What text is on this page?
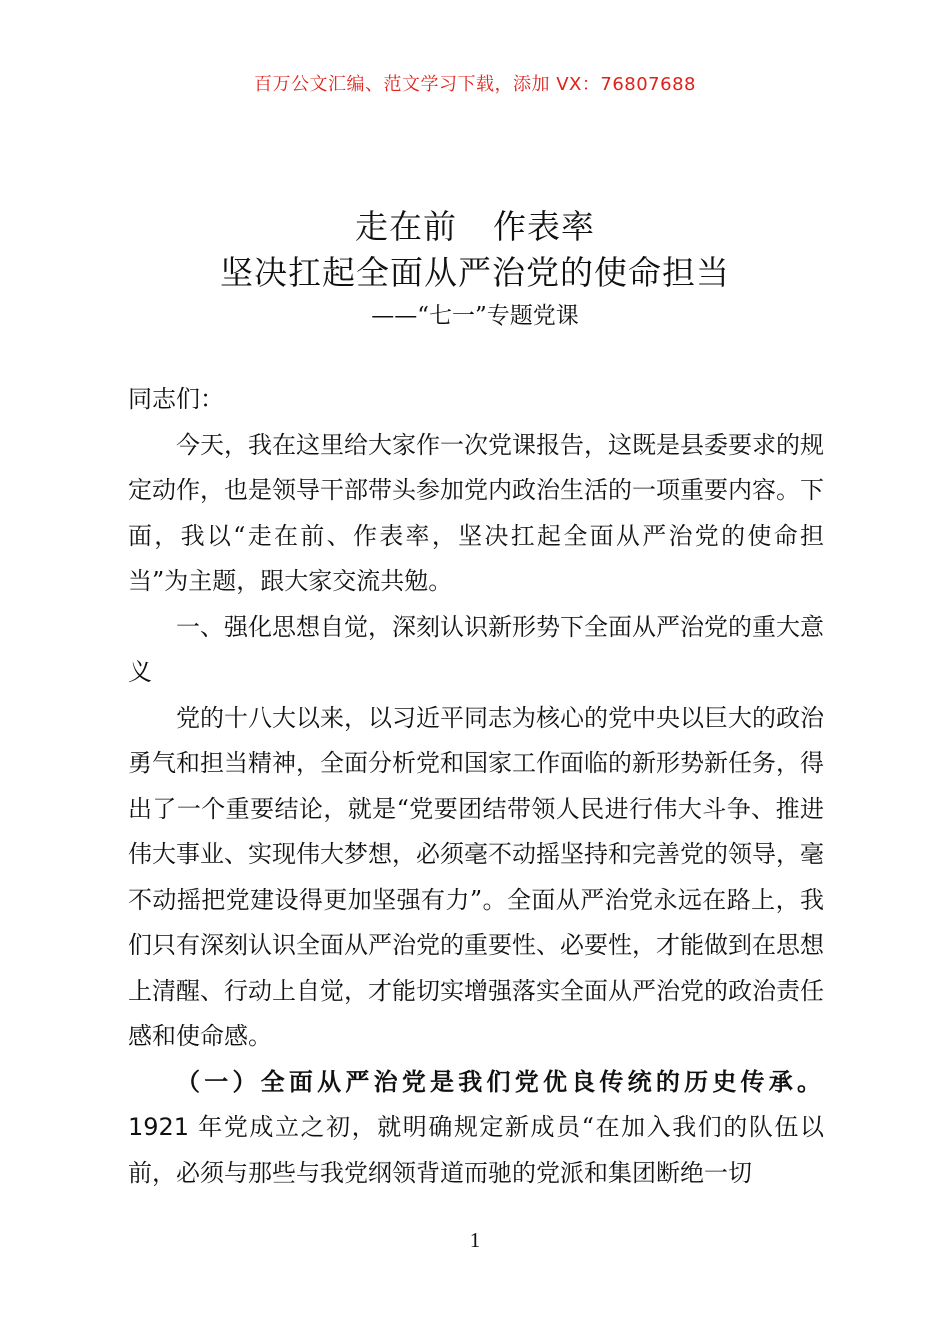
百万公文汇编、范文学习下载，添加 VX：76807688
走在前 作表率
坚决扛起全面从严治党的使命担当
——“七一”专题党课

同志们：

今天，我在这里给大家作一次党课报告，这既是县委要求的规定动作，也是领导干部带头参加党内政治生活的一项重要内容。下面，我以“走在前、作表率，坚决扛起全面从严治党的使命担当”为主题，跟大家交流共勉。

一、强化思想自觉，深刻认识新形势下全面从严治党的重大意义

党的十八大以来，以习近平同志为核心的党中央以巨大的政治勇气和担当精神，全面分析党和国家工作面临的新形势新任务，得出了一个重要结论，就是“党要团结带领人民进行伟大斗争、推进伟大事业、实现伟大梦想，必须毫不动摇坚持和完善党的领导，毫不动摇把党建设得更加坚强有力”。全面从严治党永远在路上，我们只有深刻认识全面从严治党的重要性、必要性，才能做到在思想上清醒、行动上自觉，才能切实增强落实全面从严治党的政治责任感和使命感。

（一）全面从严治党是我们党优良传统的历史传承。1921 年党成立之初，就明确规定新成员“在加入我们的队伍以前，必须与那些与我党纲领背道而驰的党派和集团断绝一切

1
